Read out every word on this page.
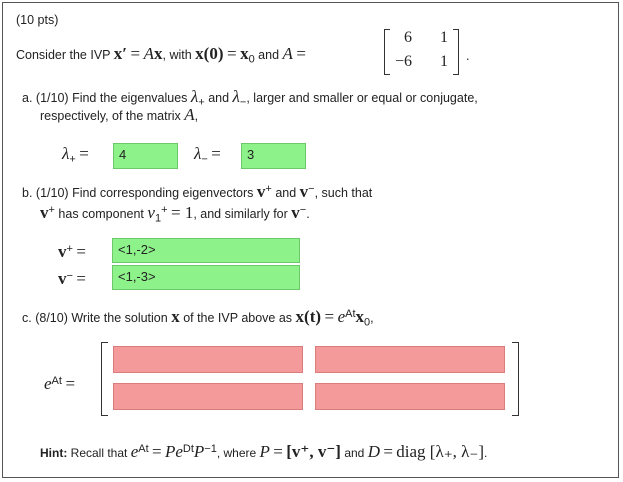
(10 pts)
Consider the IVP x′ = Ax, with x(0) = x0 and A =
6 1
−6 1 .
a. (1/10) Find the eigenvalues λ+ and λ−, larger and smaller or equal or conjugate,
respectively, of the matrix A,
λ+ =	4	λ− =	3
b. (1/10) Find corresponding eigenvectors v+ and v−, such that
v+ has component v1+ = 1, and similarly for v−.
v+ =	<1,-2>
v− =	<1,-3>
c. (8/10) Write the solution x of the IVP above as x(t) = eAtx0,
eAt =
Hint: Recall that eAt = PeDtP−1, where P = [v⁺, v⁻] and D = diag [λ₊, λ₋].
